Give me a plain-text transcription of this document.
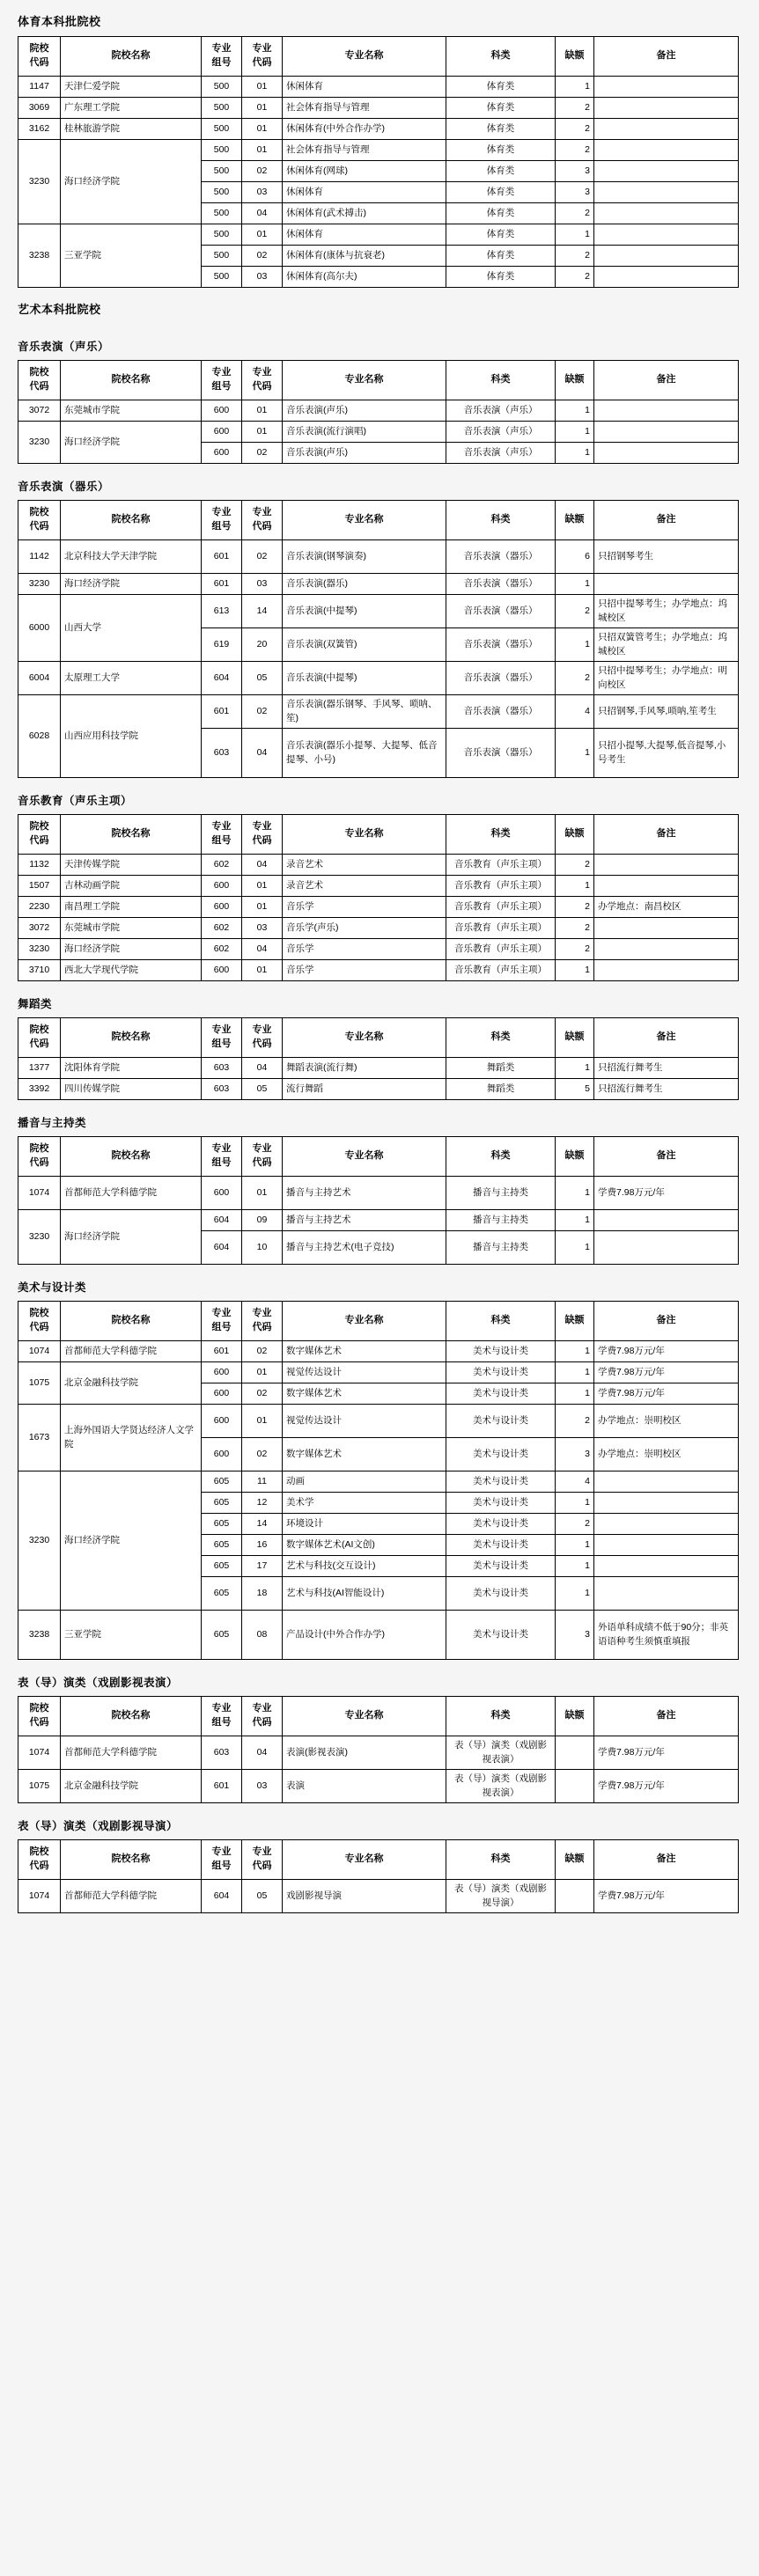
体育本科批院校
院校
代码	院校名称	专业
组号	专业
代码	专业名称	科类	缺额	备注
1147	天津仁爱学院	500	01	休闲体育	体育类	1	
3069	广东理工学院	500	01	社会体育指导与管理	体育类	2	
3162	桂林旅游学院	500	01	休闲体育(中外合作办学)	体育类	2	
3230	海口经济学院	500	01	社会体育指导与管理	体育类	2	
		500	02	休闲体育(网球)	体育类	3	
		500	03	休闲体育	体育类	3	
		500	04	休闲体育(武术搏击)	体育类	2	
3238	三亚学院	500	01	休闲体育	体育类	1	
		500	02	休闲体育(康体与抗衰老)	体育类	2	
		500	03	休闲体育(高尔夫)	体育类	2	
艺术本科批院校
音乐表演（声乐）
院校
代码	院校名称	专业
组号	专业
代码	专业名称	科类	缺额	备注
3072	东莞城市学院	600	01	音乐表演(声乐)	音乐表演（声乐）	1	
3230	海口经济学院	600	01	音乐表演(流行演唱)	音乐表演（声乐）	1	
		600	02	音乐表演(声乐)	音乐表演（声乐）	1	
音乐表演（器乐）
院校
代码	院校名称	专业
组号	专业
代码	专业名称	科类	缺额	备注
1142	北京科技大学天津学院	601	02	音乐表演(钢琴演奏)	音乐表演（器乐）	6	只招钢琴考生
3230	海口经济学院	601	03	音乐表演(器乐)	音乐表演（器乐）	1	
6000	山西大学	613	14	音乐表演(中提琴)	音乐表演（器乐）	2	只招中提琴考生；办学地点：坞城校区
		619	20	音乐表演(双簧管)	音乐表演（器乐）	1	只招双簧管考生；办学地点：坞城校区
6004	太原理工大学	604	05	音乐表演(中提琴)	音乐表演（器乐）	2	只招中提琴考生；办学地点：明向校区
6028	山西应用科技学院	601	02	音乐表演(器乐钢琴、手风琴、唢呐、笙)	音乐表演（器乐）	4	只招钢琴,手风琴,唢呐,笙考生
		603	04	音乐表演(器乐小提琴、大提琴、低音提琴、小号)	音乐表演（器乐）	1	只招小提琴,大提琴,低音提琴,小号考生
音乐教育（声乐主项）
院校
代码	院校名称	专业
组号	专业
代码	专业名称	科类	缺额	备注
1132	天津传媒学院	602	04	录音艺术	音乐教育（声乐主项）	2	
1507	吉林动画学院	600	01	录音艺术	音乐教育（声乐主项）	1	
2230	南昌理工学院	600	01	音乐学	音乐教育（声乐主项）	2	办学地点：南昌校区
3072	东莞城市学院	602	03	音乐学(声乐)	音乐教育（声乐主项）	2	
3230	海口经济学院	602	04	音乐学	音乐教育（声乐主项）	2	
3710	西北大学现代学院	600	01	音乐学	音乐教育（声乐主项）	1	
舞蹈类
院校
代码	院校名称	专业
组号	专业
代码	专业名称	科类	缺额	备注
1377	沈阳体育学院	603	04	舞蹈表演(流行舞)	舞蹈类	1	只招流行舞考生
3392	四川传媒学院	603	05	流行舞蹈	舞蹈类	5	只招流行舞考生
播音与主持类
院校
代码	院校名称	专业
组号	专业
代码	专业名称	科类	缺额	备注
1074	首都师范大学科德学院	600	01	播音与主持艺术	播音与主持类	1	学费7.98万元/年
3230	海口经济学院	604	09	播音与主持艺术	播音与主持类	1	
		604	10	播音与主持艺术(电子竞技)	播音与主持类	1	
美术与设计类
院校
代码	院校名称	专业
组号	专业
代码	专业名称	科类	缺额	备注
1074	首都师范大学科德学院	601	02	数字媒体艺术	美术与设计类	1	学费7.98万元/年
1075	北京金融科技学院	600	01	视觉传达设计	美术与设计类	1	学费7.98万元/年
		600	02	数字媒体艺术	美术与设计类	1	学费7.98万元/年
1673	上海外国语大学贤达经济人文学院	600	01	视觉传达设计	美术与设计类	2	办学地点：崇明校区
		600	02	数字媒体艺术	美术与设计类	3	办学地点：崇明校区
3230	海口经济学院	605	11	动画	美术与设计类	4	
		605	12	美术学	美术与设计类	1	
		605	14	环境设计	美术与设计类	2	
		605	16	数字媒体艺术(AI文创)	美术与设计类	1	
		605	17	艺术与科技(交互设计)	美术与设计类	1	
		605	18	艺术与科技(AI智能设计)	美术与设计类	1	
3238	三亚学院	605	08	产品设计(中外合作办学)	美术与设计类	3	外语单科成绩不低于90分；非英语语种考生须慎重填报
表（导）演类（戏剧影视表演）
院校
代码	院校名称	专业
组号	专业
代码	专业名称	科类	缺额	备注
1074	首都师范大学科德学院	603	04	表演(影视表演)	表（导）演类（戏剧影视表演）		学费7.98万元/年
1075	北京金融科技学院	601	03	表演	表（导）演类（戏剧影视表演）		学费7.98万元/年
表（导）演类（戏剧影视导演）
院校
代码	院校名称	专业
组号	专业
代码	专业名称	科类	缺额	备注
1074	首都师范大学科德学院	604	05	戏剧影视导演	表（导）演类（戏剧影视导演）		学费7.98万元/年
